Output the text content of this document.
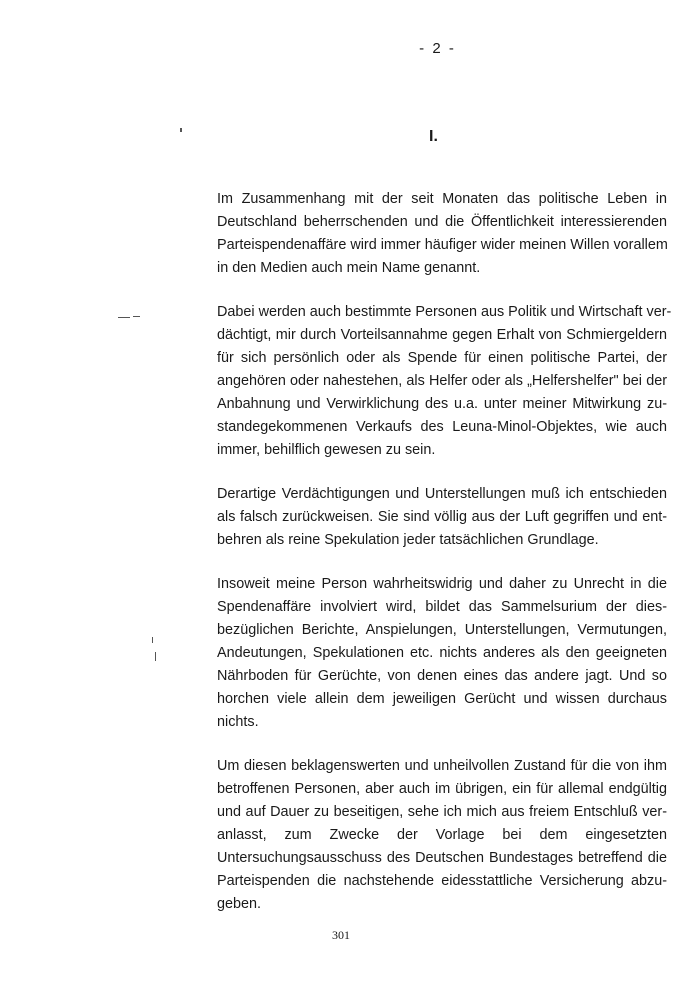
- 2 -
I.

Im Zusammenhang mit der seit Monaten das politische Leben in
Deutschland beherrschenden und die Öffentlichkeit interessierenden
Parteispendenaffäre wird immer häufiger wider meinen Willen vorallem
in den Medien auch mein Name genannt.

Dabei werden auch bestimmte Personen aus Politik und Wirtschaft ver-
dächtigt, mir durch Vorteilsannahme gegen Erhalt von Schmiergeldern
für sich persönlich oder als Spende für einen politische Partei, der
angehören oder nahestehen, als Helfer oder als „Helfershelfer" bei der
Anbahnung und Verwirklichung des u.a. unter meiner Mitwirkung zu-
standegekommenen Verkaufs des Leuna-Minol-Objektes, wie auch
immer, behilflich gewesen zu sein.

Derartige Verdächtigungen und Unterstellungen muß ich entschieden
als falsch zurückweisen. Sie sind völlig aus der Luft gegriffen und ent-
behren als reine Spekulation jeder tatsächlichen Grundlage.

Insoweit meine Person wahrheitswidrig und daher zu Unrecht in die
Spendenaffäre involviert wird, bildet das Sammelsurium der dies-
bezüglichen Berichte, Anspielungen, Unterstellungen, Vermutungen,
Andeutungen, Spekulationen etc. nichts anderes als den geeigneten
Nährboden für Gerüchte, von denen eines das andere jagt. Und so
horchen viele allein dem jeweiligen Gerücht und wissen durchaus
nichts.

Um diesen beklagenswerten und unheilvollen Zustand für die von ihm
betroffenen Personen, aber auch im übrigen, ein für allemal endgültig
und auf Dauer zu beseitigen, sehe ich mich aus freiem Entschluß ver-
anlasst, zum Zwecke der Vorlage bei dem eingesetzten
Untersuchungsausschuss des Deutschen Bundestages betreffend die
Parteispenden die nachstehende eidesstattliche Versicherung abzu-
geben.

301
